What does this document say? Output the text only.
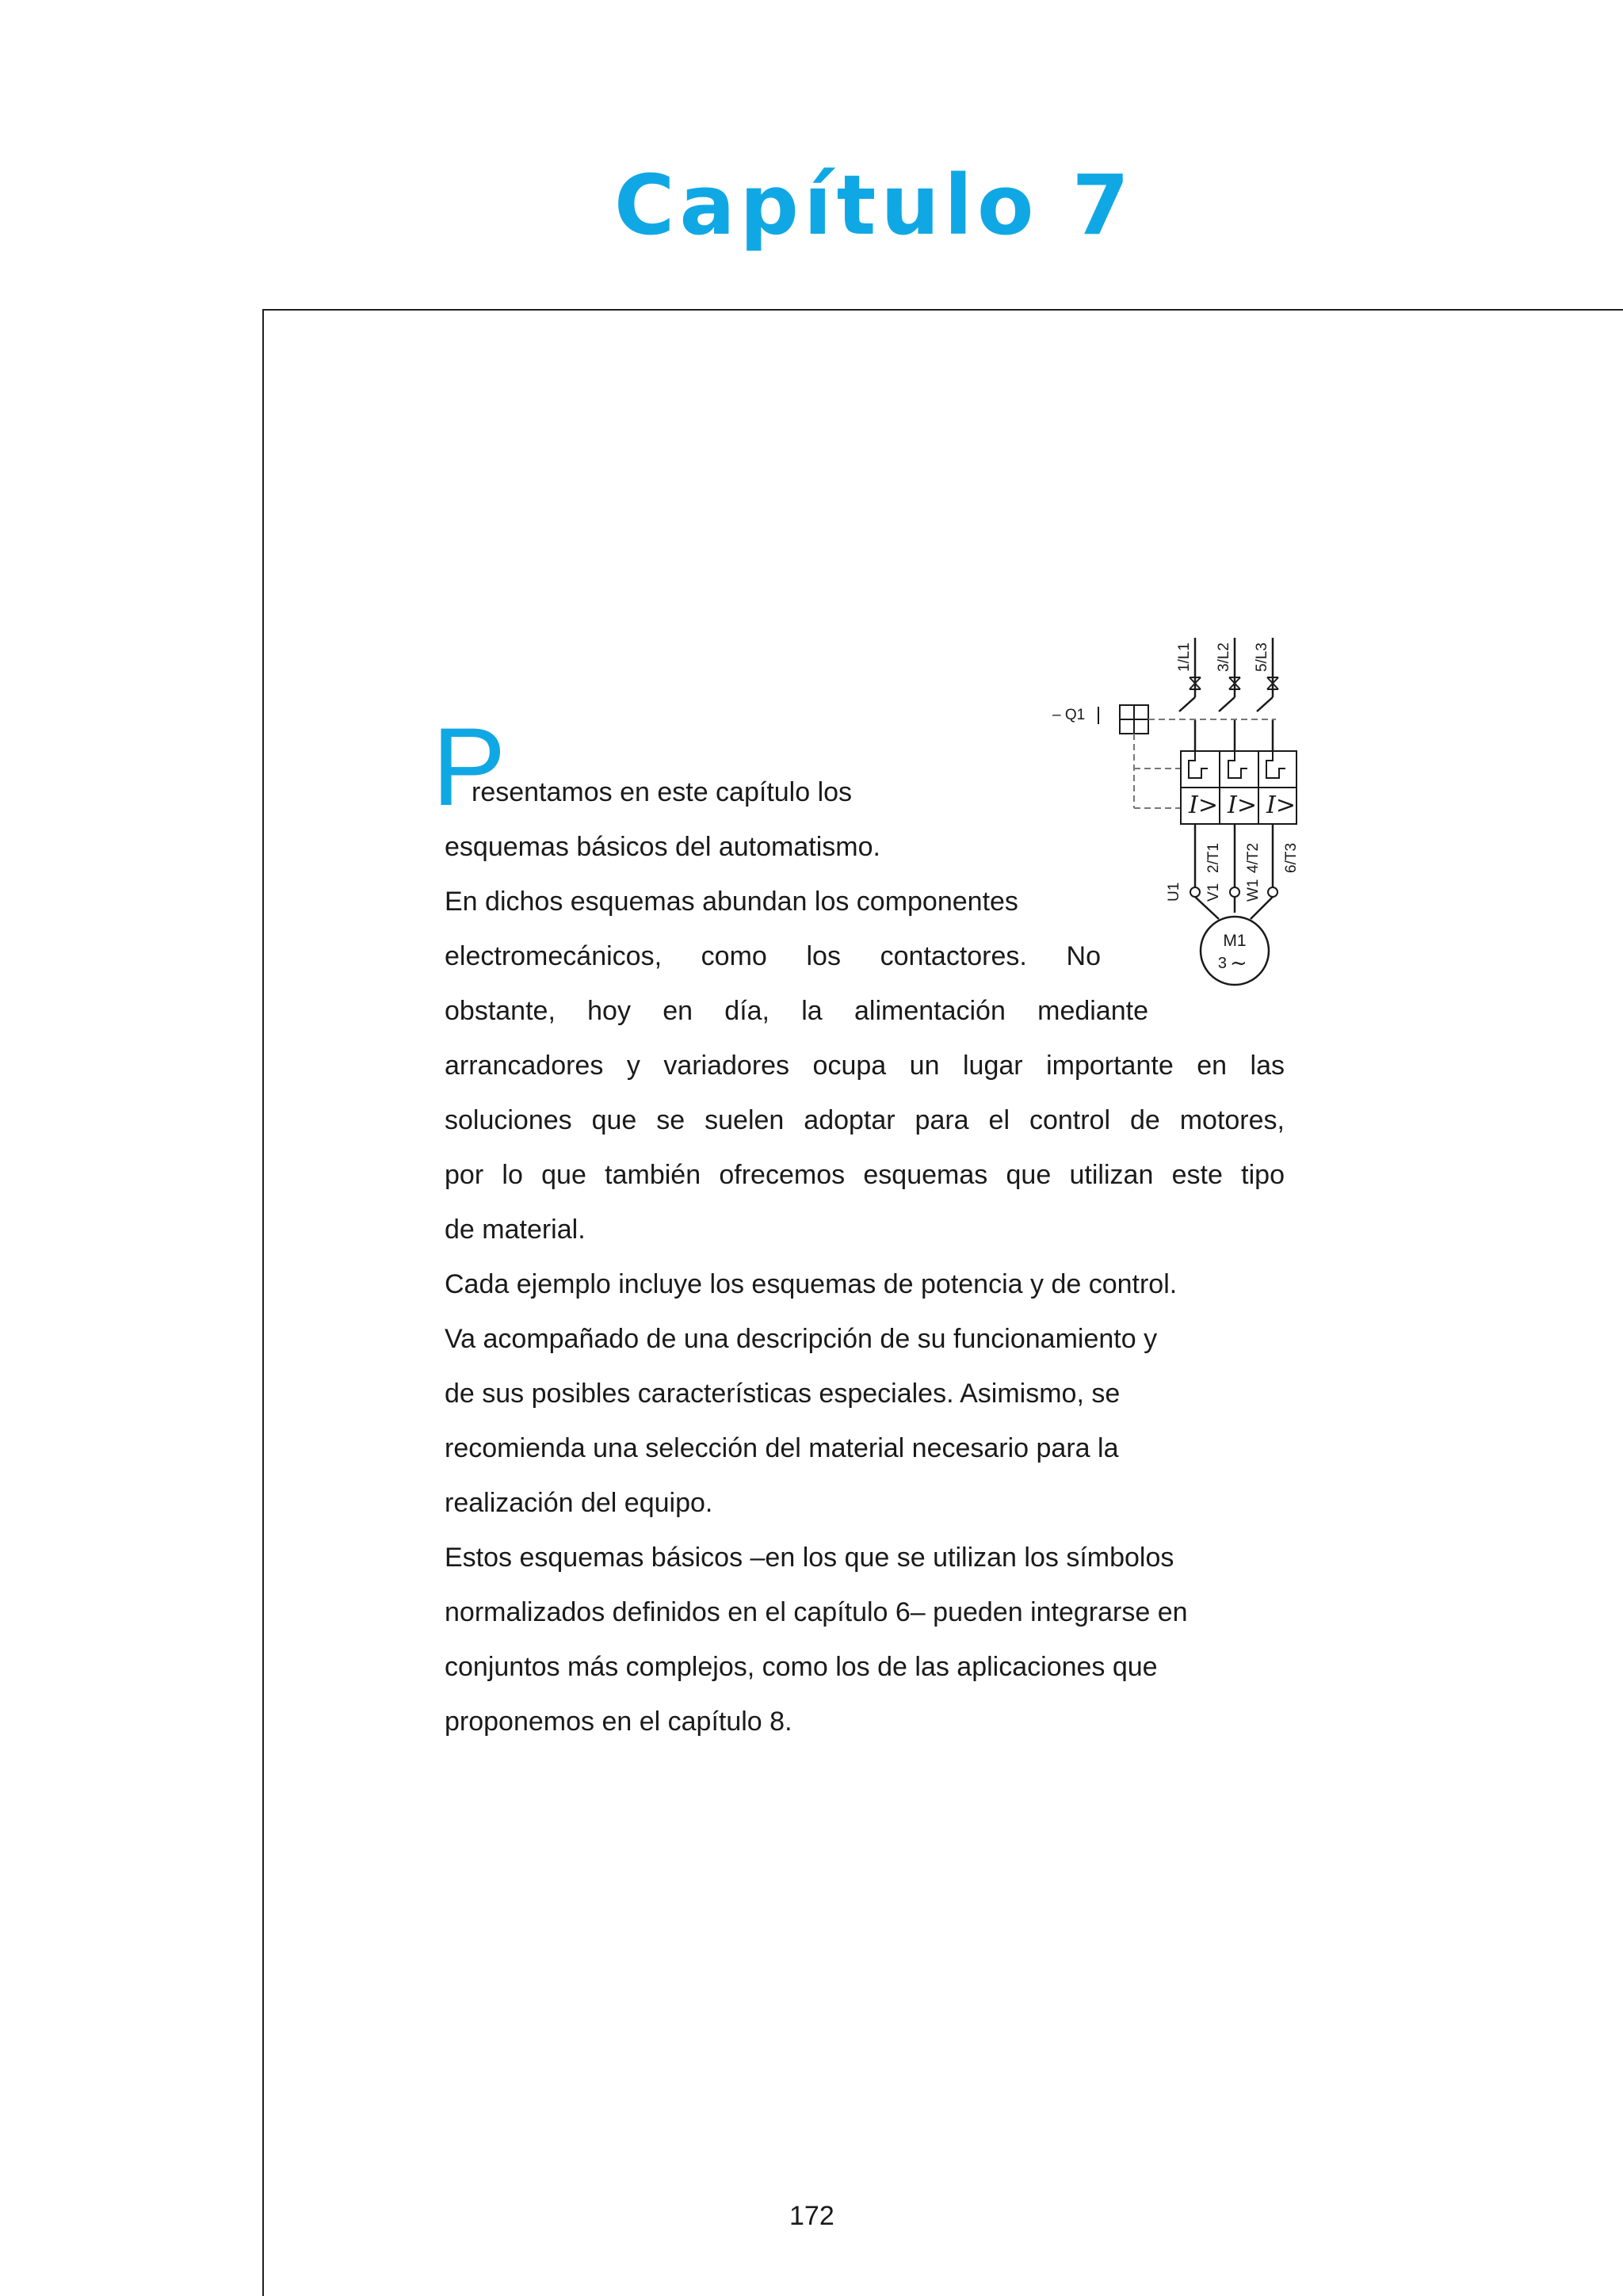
Capítulo 7
1/L1 3/L2 5/L3
– Q1
I> I> I>
2/T1 4/T2 6/T3
U1 V1 W1
M1
3 ~
P
resentamos en este capítulo los
esquemas básicos del automatismo.
En dichos esquemas abundan los componentes
electromecánicos, como los contactores. No
obstante, hoy en día, la alimentación mediante
arrancadores y variadores ocupa un lugar importante en las
soluciones que se suelen adoptar para el control de motores,
por lo que también ofrecemos esquemas que utilizan este tipo
de material.
Cada ejemplo incluye los esquemas de potencia y de control.
Va acompañado de una descripción de su funcionamiento y
de sus posibles características especiales. Asimismo, se
recomienda una selección del material necesario para la
realización del equipo.
Estos esquemas básicos –en los que se utilizan los símbolos
normalizados definidos en el capítulo 6– pueden integrarse en
conjuntos más complejos, como los de las aplicaciones que
proponemos en el capítulo 8.
172
